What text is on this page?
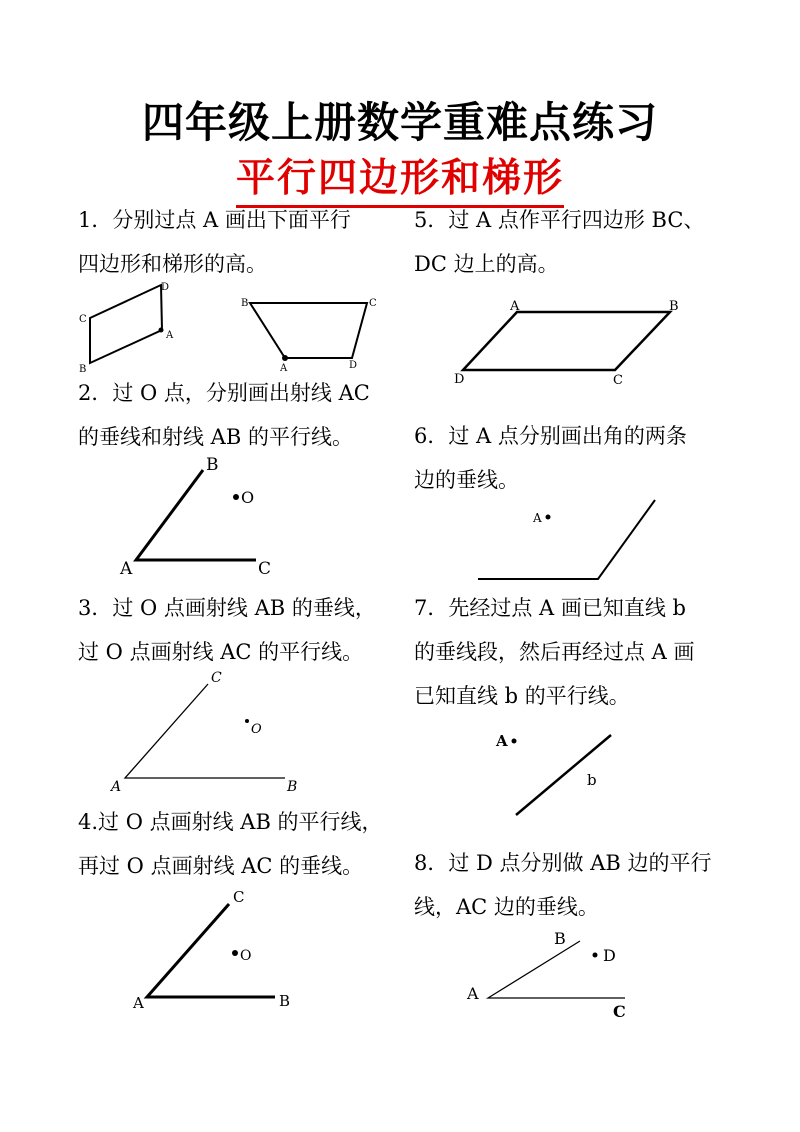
四年级上册数学重难点练习
平行四边形和梯形
1．分别过点 A 画出下面平行
四边形和梯形的高。
D
C
A
B
B	C
A	D
2．过 O 点，分别画出射线 AC
的垂线和射线 AB 的平行线。
B
O
A	C
3．过 O 点画射线 AB 的垂线，
过 O 点画射线 AC 的平行线。
C
O
A	B
4.过 O 点画射线 AB 的平行线，
再过 O 点画射线 AC 的垂线。
C
O
A	B
5．过 A 点作平行四边形 BC、
DC 边上的高。
A	B
D	C
6．过 A 点分别画出角的两条
边的垂线。
A
7．先经过点 A 画已知直线 b
的垂线段，然后再经过点 A 画
已知直线 b 的平行线。
A
b
8．过 D 点分别做 AB 边的平行
线，AC 边的垂线。
B
D
A
C
